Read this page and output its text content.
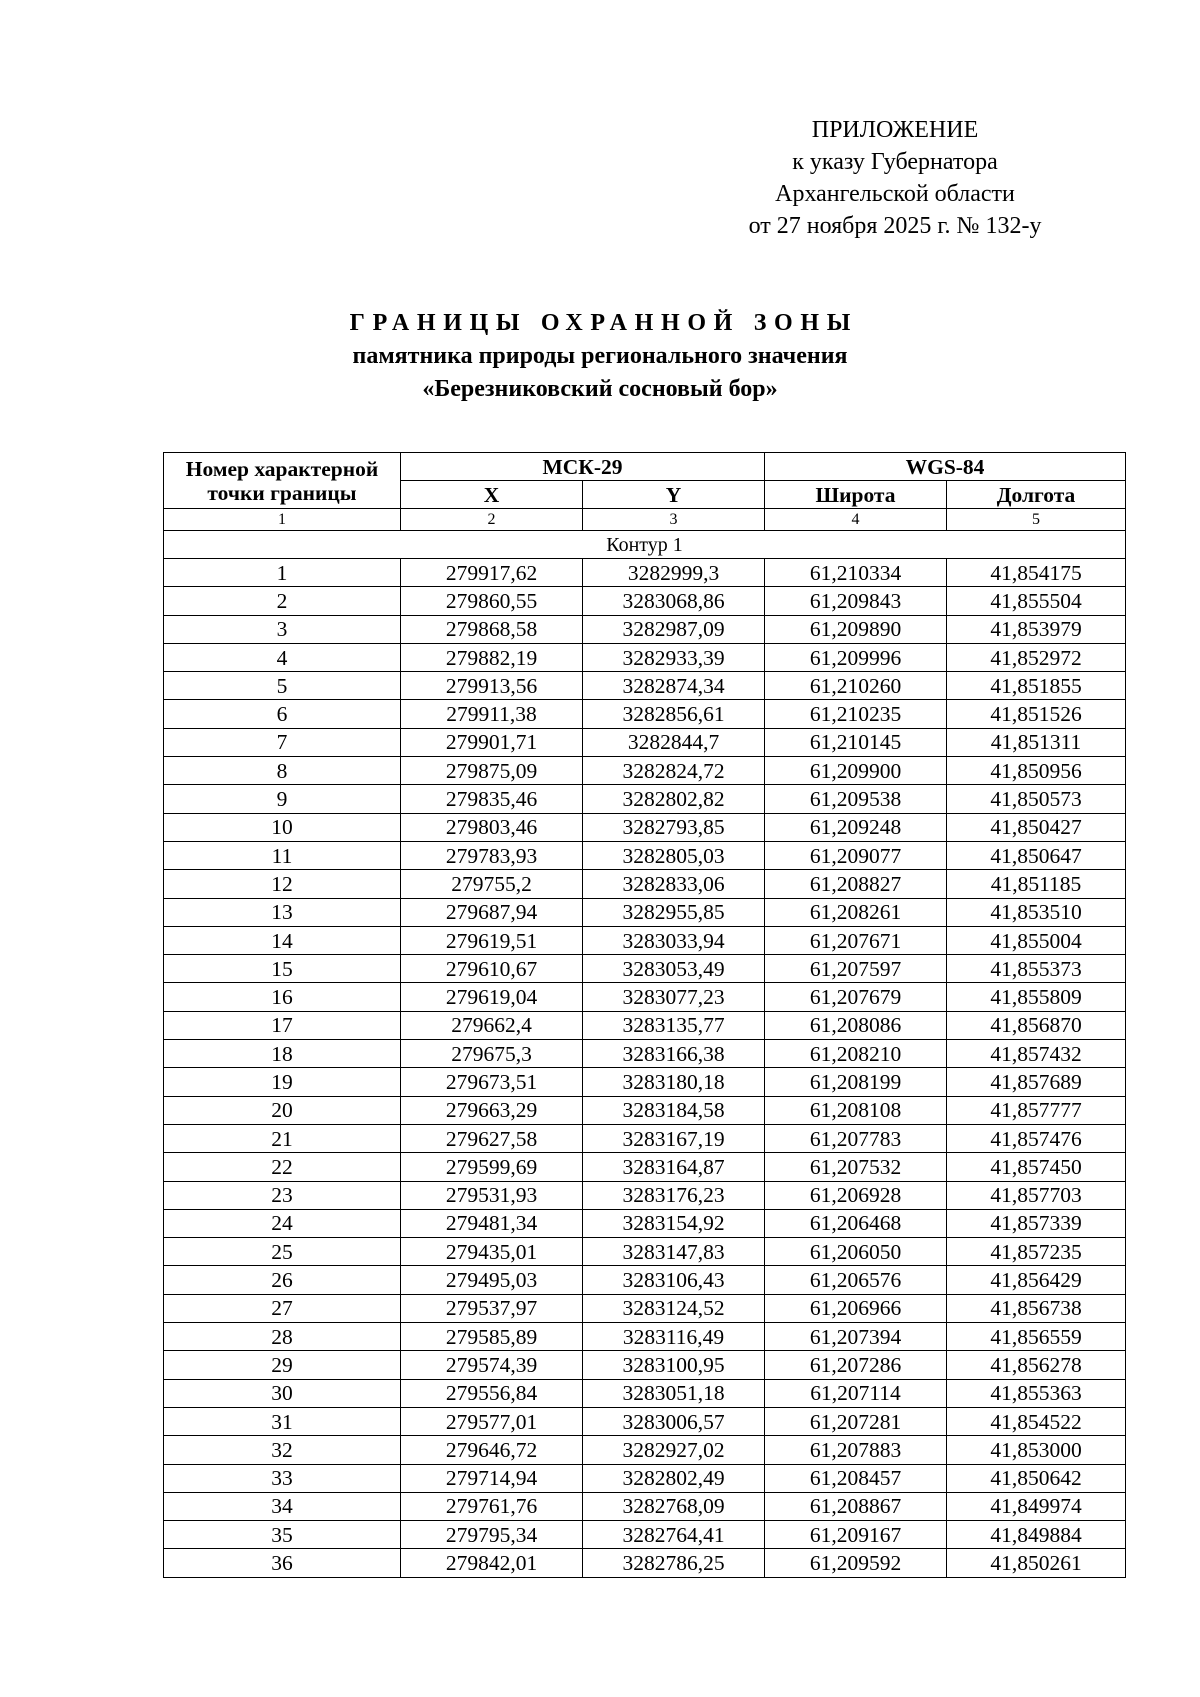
ПРИЛОЖЕНИЕ
к указу Губернатора
Архангельской области
от 27 ноября 2025 г. № 132-у
ГРАНИЦЫ ОХРАННОЙ ЗОНЫ
памятника природы регионального значения
«Березниковский сосновый бор»
Номер характерной точки границы	МСК-29		WGS-84	
	X	Y	Широта	Долгота
1	2	3	4	5
Контур 1				
1	279917,62	3282999,3	61,210334	41,854175
2	279860,55	3283068,86	61,209843	41,855504
3	279868,58	3282987,09	61,209890	41,853979
4	279882,19	3282933,39	61,209996	41,852972
5	279913,56	3282874,34	61,210260	41,851855
6	279911,38	3282856,61	61,210235	41,851526
7	279901,71	3282844,7	61,210145	41,851311
8	279875,09	3282824,72	61,209900	41,850956
9	279835,46	3282802,82	61,209538	41,850573
10	279803,46	3282793,85	61,209248	41,850427
11	279783,93	3282805,03	61,209077	41,850647
12	279755,2	3282833,06	61,208827	41,851185
13	279687,94	3282955,85	61,208261	41,853510
14	279619,51	3283033,94	61,207671	41,855004
15	279610,67	3283053,49	61,207597	41,855373
16	279619,04	3283077,23	61,207679	41,855809
17	279662,4	3283135,77	61,208086	41,856870
18	279675,3	3283166,38	61,208210	41,857432
19	279673,51	3283180,18	61,208199	41,857689
20	279663,29	3283184,58	61,208108	41,857777
21	279627,58	3283167,19	61,207783	41,857476
22	279599,69	3283164,87	61,207532	41,857450
23	279531,93	3283176,23	61,206928	41,857703
24	279481,34	3283154,92	61,206468	41,857339
25	279435,01	3283147,83	61,206050	41,857235
26	279495,03	3283106,43	61,206576	41,856429
27	279537,97	3283124,52	61,206966	41,856738
28	279585,89	3283116,49	61,207394	41,856559
29	279574,39	3283100,95	61,207286	41,856278
30	279556,84	3283051,18	61,207114	41,855363
31	279577,01	3283006,57	61,207281	41,854522
32	279646,72	3282927,02	61,207883	41,853000
33	279714,94	3282802,49	61,208457	41,850642
34	279761,76	3282768,09	61,208867	41,849974
35	279795,34	3282764,41	61,209167	41,849884
36	279842,01	3282786,25	61,209592	41,850261
